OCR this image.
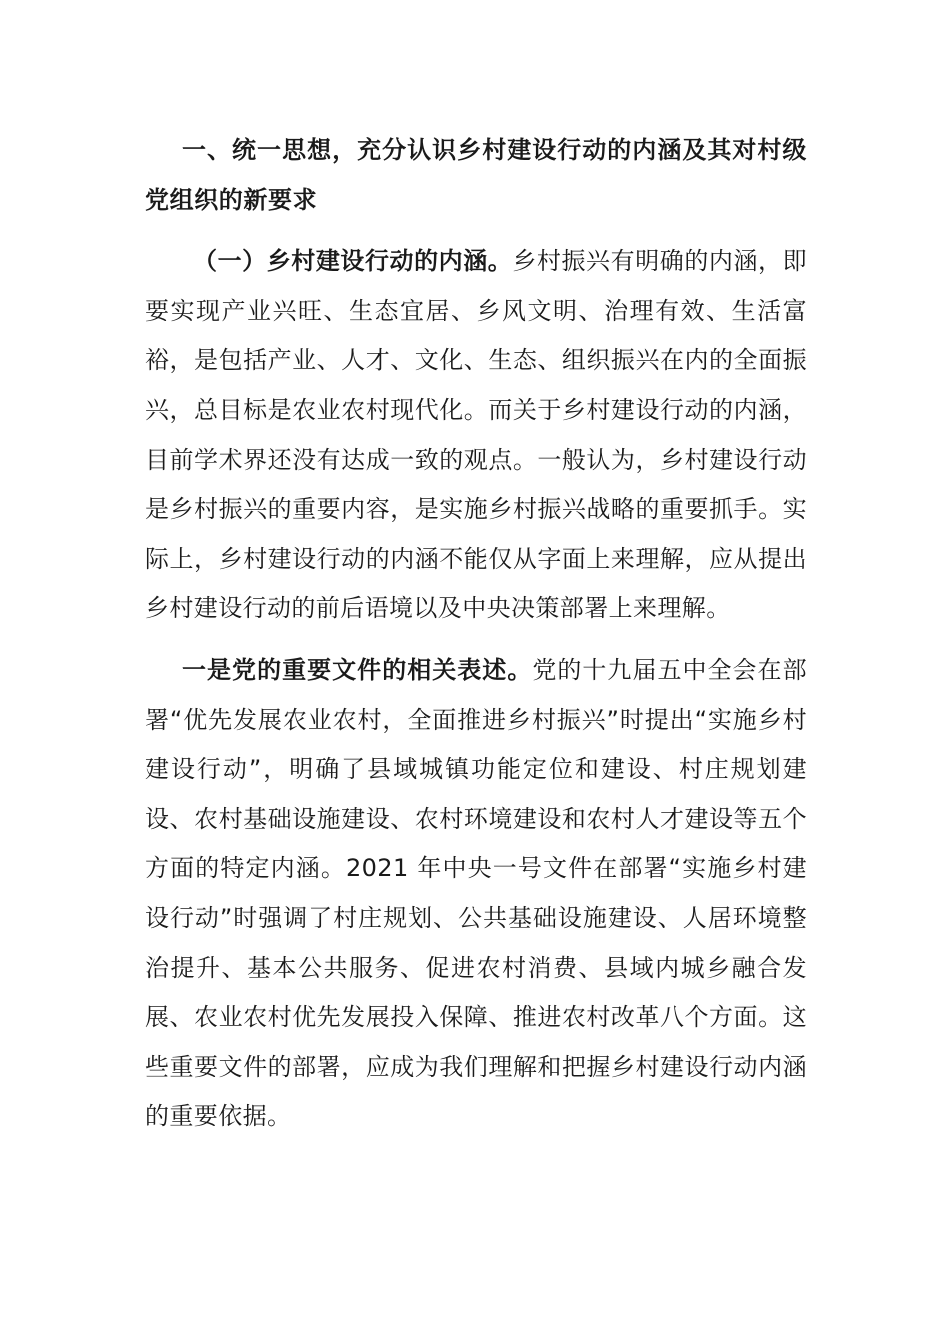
一、统一思想，充分认识乡村建设行动的内涵及其对村级党组织的新要求

（一）乡村建设行动的内涵。乡村振兴有明确的内涵，即要实现产业兴旺、生态宜居、乡风文明、治理有效、生活富裕，是包括产业、人才、文化、生态、组织振兴在内的全面振兴，总目标是农业农村现代化。而关于乡村建设行动的内涵，目前学术界还没有达成一致的观点。一般认为，乡村建设行动是乡村振兴的重要内容，是实施乡村振兴战略的重要抓手。实际上，乡村建设行动的内涵不能仅从字面上来理解，应从提出乡村建设行动的前后语境以及中央决策部署上来理解。

一是党的重要文件的相关表述。党的十九届五中全会在部署“优先发展农业农村，全面推进乡村振兴”时提出“实施乡村建设行动”，明确了县域城镇功能定位和建设、村庄规划建设、农村基础设施建设、农村环境建设和农村人才建设等五个方面的特定内涵。2021 年中央一号文件在部署“实施乡村建设行动”时强调了村庄规划、公共基础设施建设、人居环境整治提升、基本公共服务、促进农村消费、县域内城乡融合发展、农业农村优先发展投入保障、推进农村改革八个方面。这些重要文件的部署，应成为我们理解和把握乡村建设行动内涵的重要依据。
